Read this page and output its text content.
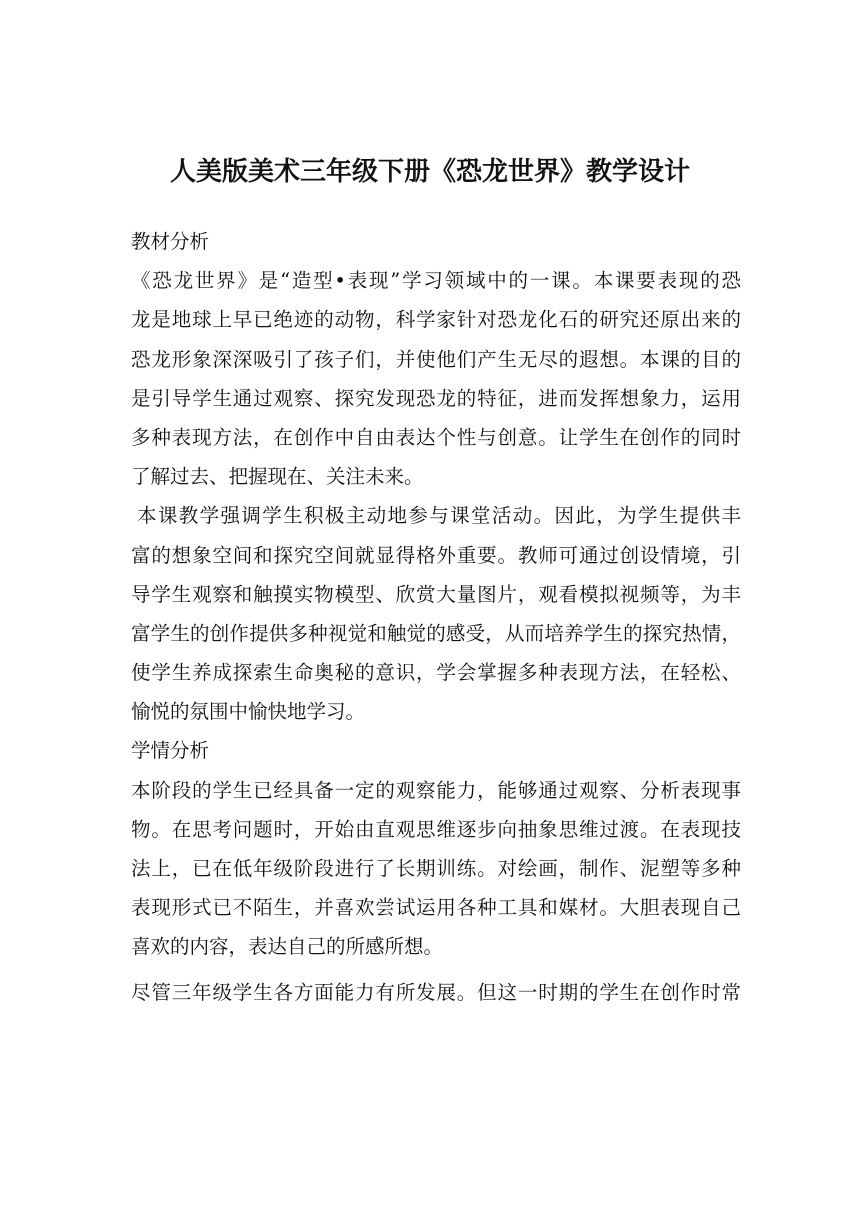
人美版美术三年级下册《恐龙世界》教学设计
教材分析
《恐龙世界》是“造型•表现”学习领域中的一课。本课要表现的恐
龙是地球上早已绝迹的动物，科学家针对恐龙化石的研究还原出来的
恐龙形象深深吸引了孩子们，并使他们产生无尽的遐想。本课的目的
是引导学生通过观察、探究发现恐龙的特征，进而发挥想象力，运用
多种表现方法，在创作中自由表达个性与创意。让学生在创作的同时
了解过去、把握现在、关注未来。
本课教学强调学生积极主动地参与课堂活动。因此，为学生提供丰
富的想象空间和探究空间就显得格外重要。教师可通过创设情境，引
导学生观察和触摸实物模型、欣赏大量图片，观看模拟视频等，为丰
富学生的创作提供多种视觉和触觉的感受，从而培养学生的探究热情，
使学生养成探索生命奥秘的意识，学会掌握多种表现方法，在轻松、
愉悦的氛围中愉快地学习。
学情分析
本阶段的学生已经具备一定的观察能力，能够通过观察、分析表现事
物。在思考问题时，开始由直观思维逐步向抽象思维过渡。在表现技
法上，已在低年级阶段进行了长期训练。对绘画，制作、泥塑等多种
表现形式已不陌生，并喜欢尝试运用各种工具和媒材。大胆表现自己
喜欢的内容，表达自己的所感所想。
尽管三年级学生各方面能力有所发展。但这一时期的学生在创作时常
